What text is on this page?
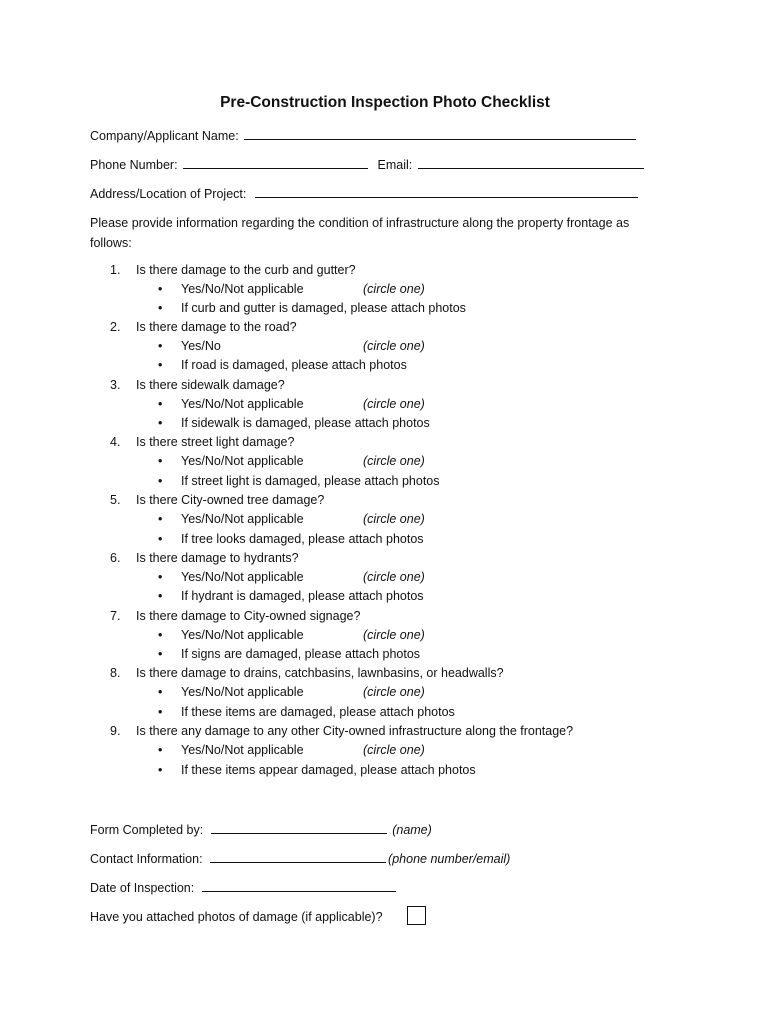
Pre-Construction Inspection Photo Checklist
Company/Applicant Name:
Phone Number:	Email:
Address/Location of Project:
Please provide information regarding the condition of infrastructure along the property frontage as follows:
1. Is there damage to the curb and gutter?
• Yes/No/Not applicable	(circle one)
• If curb and gutter is damaged, please attach photos
2. Is there damage to the road?
• Yes/No	(circle one)
• If road is damaged, please attach photos
3. Is there sidewalk damage?
• Yes/No/Not applicable	(circle one)
• If sidewalk is damaged, please attach photos
4. Is there street light damage?
• Yes/No/Not applicable	(circle one)
• If street light is damaged, please attach photos
5. Is there City-owned tree damage?
• Yes/No/Not applicable	(circle one)
• If tree looks damaged, please attach photos
6. Is there damage to hydrants?
• Yes/No/Not applicable	(circle one)
• If hydrant is damaged, please attach photos
7. Is there damage to City-owned signage?
• Yes/No/Not applicable	(circle one)
• If signs are damaged, please attach photos
8. Is there damage to drains, catchbasins, lawnbasins, or headwalls?
• Yes/No/Not applicable	(circle one)
• If these items are damaged, please attach photos
9. Is there any damage to any other City-owned infrastructure along the frontage?
• Yes/No/Not applicable	(circle one)
• If these items appear damaged, please attach photos
Form Completed by:	(name)
Contact Information:	(phone number/email)
Date of Inspection:
Have you attached photos of damage (if applicable)?
